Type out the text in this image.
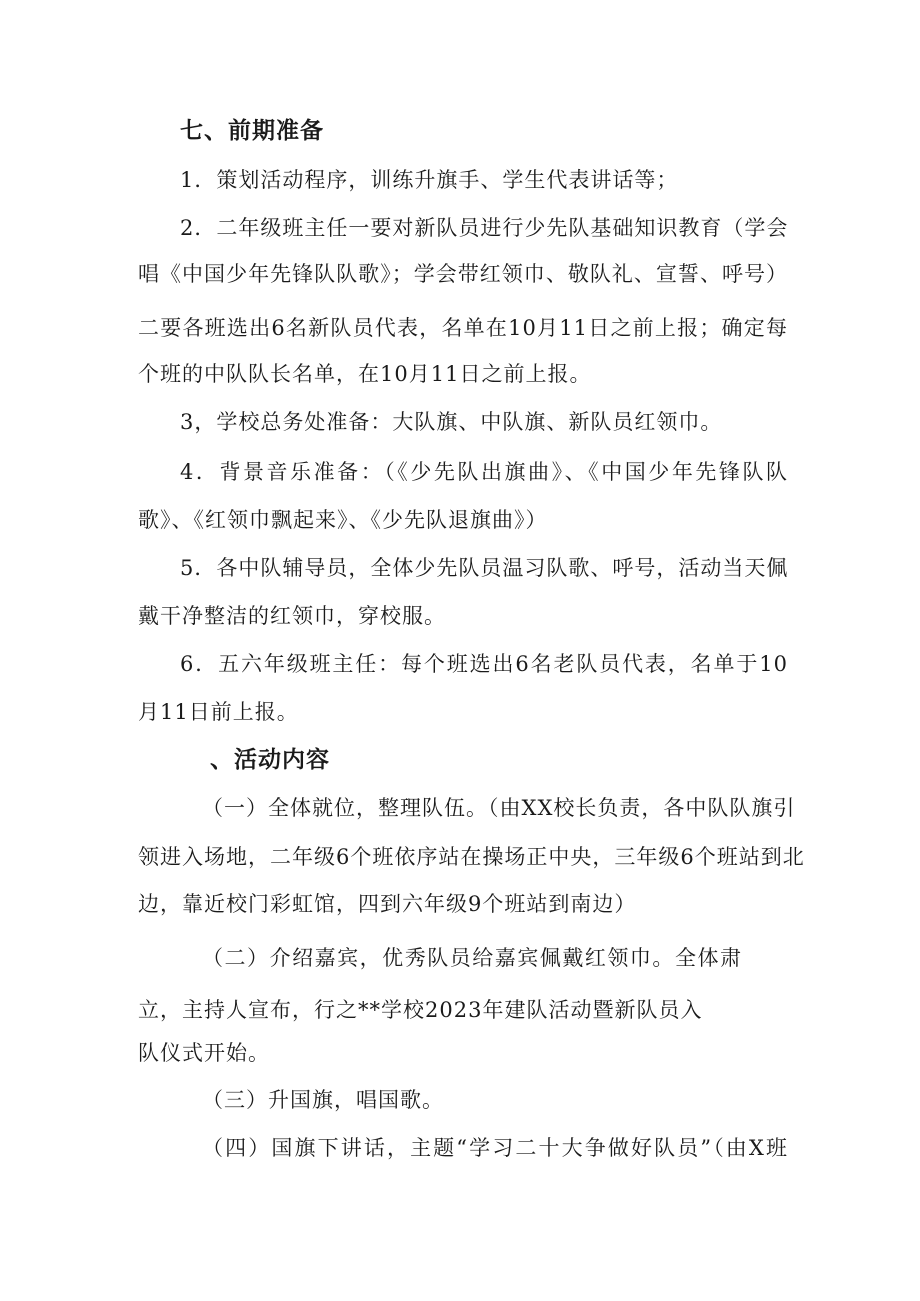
七、前期准备
1．策划活动程序，训练升旗手、学生代表讲话等；
2．二年级班主任一要对新队员进行少先队基础知识教育（学会
唱《中国少年先锋队队歌》；学会带红领巾、敬队礼、宣誓、呼号）
二要各班选出6名新队员代表，名单在10月11日之前上报；确定每
个班的中队队长名单，在10月11日之前上报。
3，学校总务处准备：大队旗、中队旗、新队员红领巾。
4．背景音乐准备：（《少先队出旗曲》、《中国少年先锋队队
歌》、《红领巾飘起来》、《少先队退旗曲》）
5．各中队辅导员，全体少先队员温习队歌、呼号，活动当天佩
戴干净整洁的红领巾，穿校服。
6．五六年级班主任：每个班选出6名老队员代表，名单于10
月11日前上报。
、活动内容
（一）全体就位，整理队伍。（由XX校长负责，各中队队旗引
领进入场地，二年级6个班依序站在操场正中央，三年级6个班站到北
边，靠近校门彩虹馆，四到六年级9个班站到南边）
（二）介绍嘉宾，优秀队员给嘉宾佩戴红领巾。全体肃
立，主持人宣布，行之**学校2023年建队活动暨新队员入
队仪式开始。
（三）升国旗，唱国歌。
（四）国旗下讲话，主题“学习二十大争做好队员”（由X班
